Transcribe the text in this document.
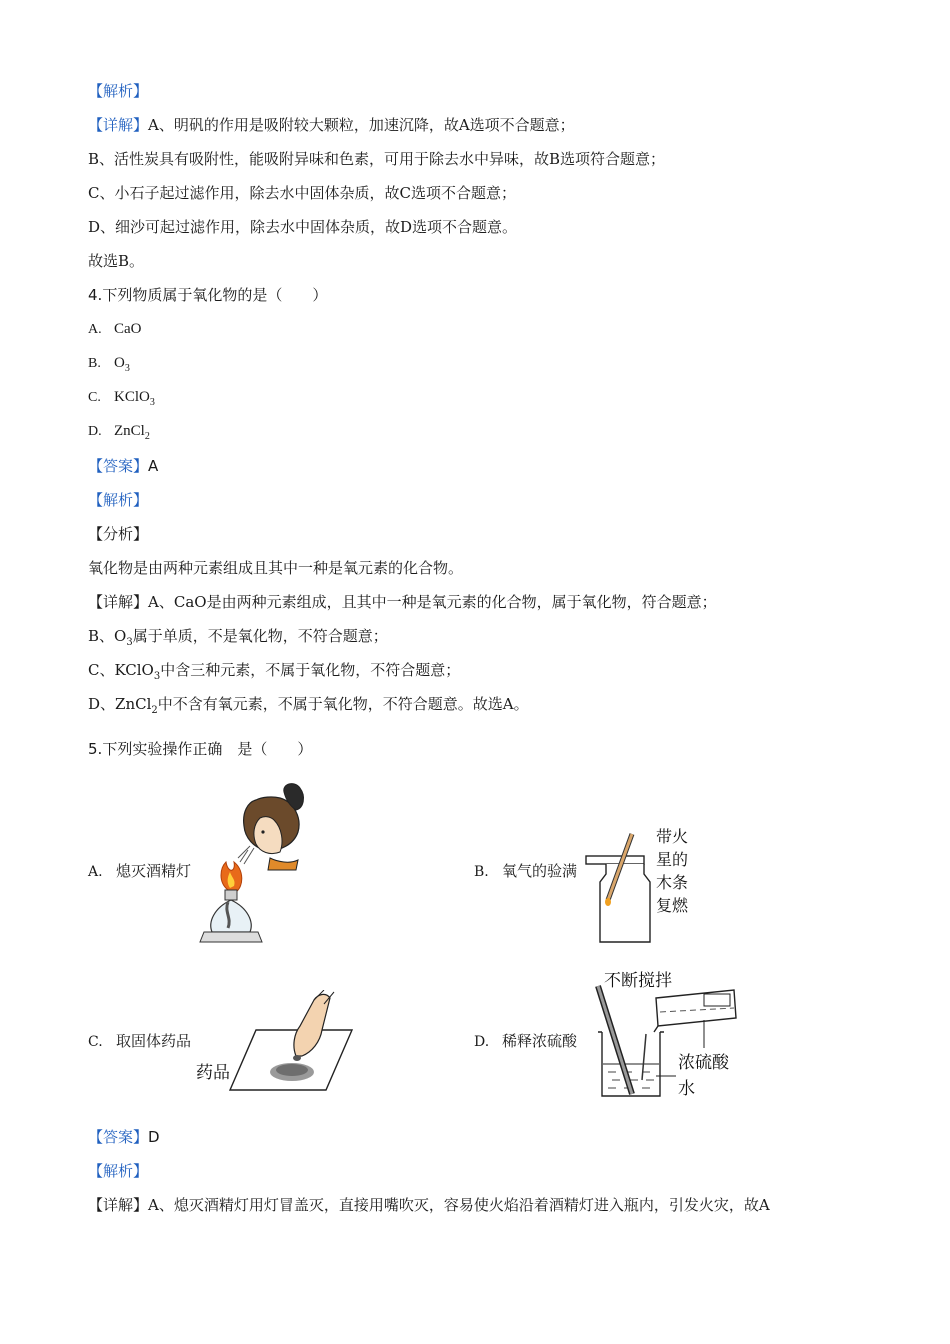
【解析】
【详解】A、明矾的作用是吸附较大颗粒，加速沉降，故A选项不合题意；
B、活性炭具有吸附性，能吸附异味和色素，可用于除去水中异味，故B选项符合题意；
C、小石子起过滤作用，除去水中固体杂质，故C选项不合题意；
D、细沙可起过滤作用，除去水中固体杂质，故D选项不合题意。
故选B。
4.下列物质属于氧化物的是（　　）
A. CaO
B. $O_3$
C. KClO$_3$
D. ZnCl$_2$
【答案】A
【解析】
【分析】
氧化物是由两种元素组成且其中一种是氧元素的化合物。
【详解】A、CaO是由两种元素组成，且其中一种是氧元素的化合物，属于氧化物，符合题意；
B、$O_3$属于单质，不是氧化物，不符合题意；
C、KClO$_3$中含三种元素，不属于氧化物，不符合题意；
D、ZnCl$_2$中不含有氧元素，不属于氧化物，不符合题意。故选A。
5.下列实验操作正确　是（　　）
A. 熄灭酒精灯	B. 氧气的验满
带火
星的
木条
复燃
C. 取固体药品
药品
D. 稀释浓硫酸
不断搅拌
浓硫酸
水
【答案】D
【解析】
【详解】A、熄灭酒精灯用灯冒盖灭，直接用嘴吹灭，容易使火焰沿着酒精灯进入瓶内，引发火灾，故A
